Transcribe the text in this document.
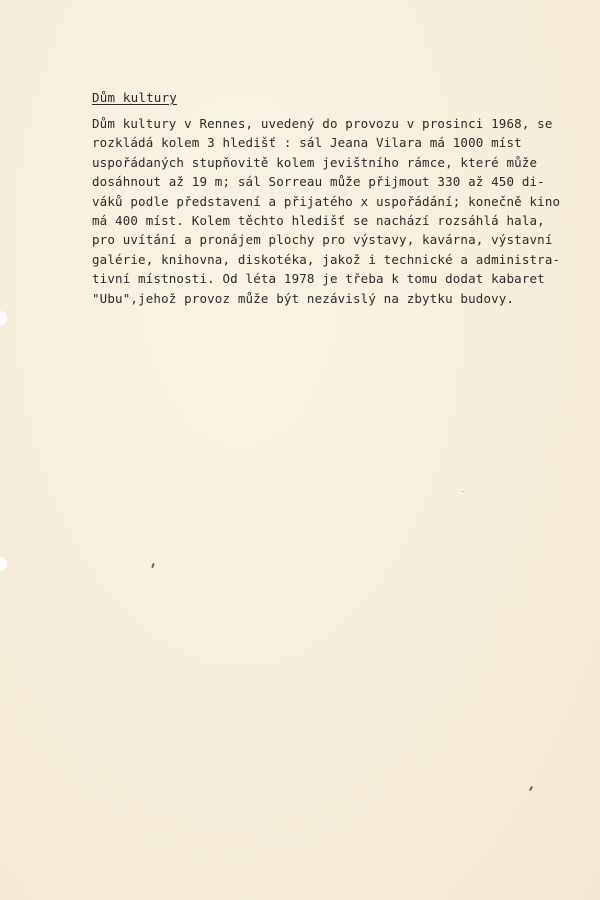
Dům kultury
Dům kultury v Rennes, uvedený do provozu v prosinci 1968, se
rozkládá kolem 3 hledišť : sál Jeana Vilara má 1000 míst
uspořádaných stupňovitě kolem jevištního rámce, které může
dosáhnout až 19 m; sál Sorreau může přijmout 330 až 450 di-
váků podle představení a přijatého x uspořádání; konečně kino
má 400 míst. Kolem těchto hledišť se nachází rozsáhlá hala,
pro uvítání a pronájem plochy pro výstavy, kavárna, výstavní
galérie, knihovna, diskotéka, jakož i technické a administra-
tivní místnosti. Od léta 1978 je třeba k tomu dodat kabaret
"Ubu",jehož provoz může být nezávislý na zbytku budovy.
